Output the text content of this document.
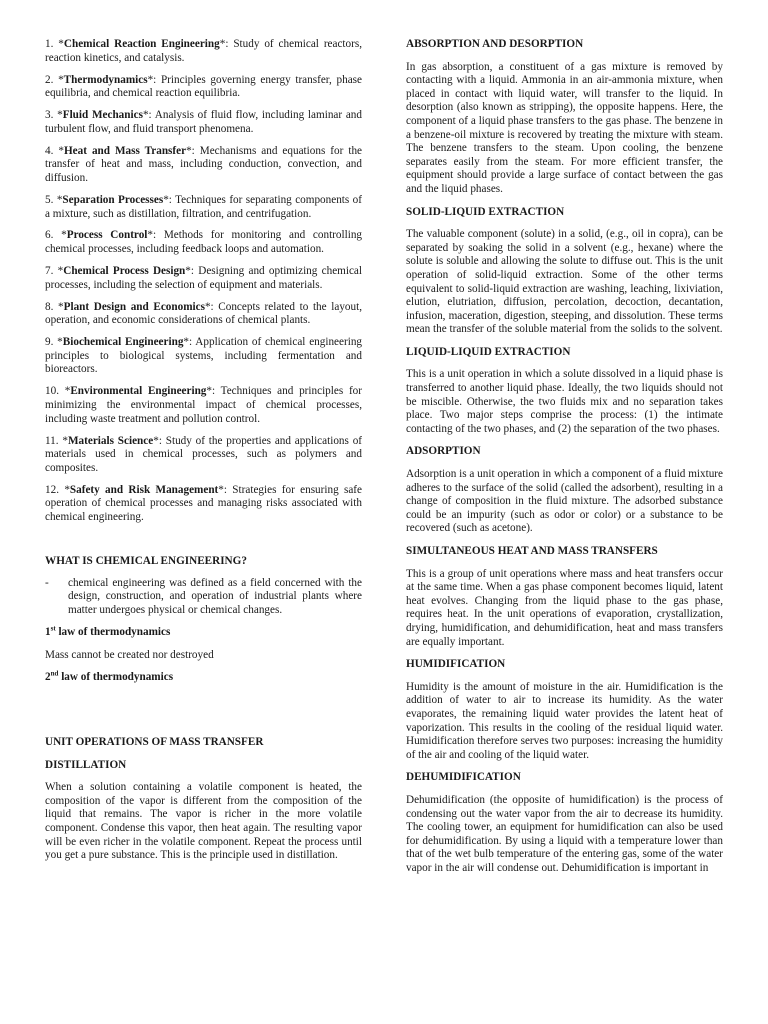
1. *Chemical Reaction Engineering*: Study of chemical reactors, reaction kinetics, and catalysis.

2. *Thermodynamics*: Principles governing energy transfer, phase equilibria, and chemical reaction equilibria.

3. *Fluid Mechanics*: Analysis of fluid flow, including laminar and turbulent flow, and fluid transport phenomena.

4. *Heat and Mass Transfer*: Mechanisms and equations for the transfer of heat and mass, including conduction, convection, and diffusion.

5. *Separation Processes*: Techniques for separating components of a mixture, such as distillation, filtration, and centrifugation.

6. *Process Control*: Methods for monitoring and controlling chemical processes, including feedback loops and automation.

7. *Chemical Process Design*: Designing and optimizing chemical processes, including the selection of equipment and materials.

8. *Plant Design and Economics*: Concepts related to the layout, operation, and economic considerations of chemical plants.

9. *Biochemical Engineering*: Application of chemical engineering principles to biological systems, including fermentation and bioreactors.

10. *Environmental Engineering*: Techniques and principles for minimizing the environmental impact of chemical processes, including waste treatment and pollution control.

11. *Materials Science*: Study of the properties and applications of materials used in chemical processes, such as polymers and composites.

12. *Safety and Risk Management*: Strategies for ensuring safe operation of chemical processes and managing risks associated with chemical engineering.

WHAT IS CHEMICAL ENGINEERING?

-	chemical engineering was defined as a field concerned with the design, construction, and operation of industrial plants where matter undergoes physical or chemical changes.

1st law of thermodynamics

Mass cannot be created nor destroyed

2nd law of thermodynamics

UNIT OPERATIONS OF MASS TRANSFER

DISTILLATION

When a solution containing a volatile component is heated, the composition of the vapor is different from the composition of the liquid that remains. The vapor is richer in the more volatile component. Condense this vapor, then heat again. The resulting vapor will be even richer in the volatile component. Repeat the process until you get a pure substance. This is the principle used in distillation.

ABSORPTION AND DESORPTION

In gas absorption, a constituent of a gas mixture is removed by contacting with a liquid. Ammonia in an air-ammonia mixture, when placed in contact with liquid water, will transfer to the liquid. In desorption (also known as stripping), the opposite happens. Here, the component of a liquid phase transfers to the gas phase. The benzene in a benzene-oil mixture is recovered by treating the mixture with steam. The benzene transfers to the steam. Upon cooling, the benzene separates easily from the steam. For more efficient transfer, the equipment should provide a large surface of contact between the gas and the liquid phases.

SOLID-LIQUID EXTRACTION

The valuable component (solute) in a solid, (e.g., oil in copra), can be separated by soaking the solid in a solvent (e.g., hexane) where the solute is soluble and allowing the solute to diffuse out. This is the unit operation of solid-liquid extraction. Some of the other terms equivalent to solid-liquid extraction are washing, leaching, lixiviation, elution, elutriation, diffusion, percolation, decoction, decantation, infusion, maceration, digestion, steeping, and dissolution. These terms mean the transfer of the soluble material from the solids to the solvent.

LIQUID-LIQUID EXTRACTION

This is a unit operation in which a solute dissolved in a liquid phase is transferred to another liquid phase. Ideally, the two liquids should not be miscible. Otherwise, the two fluids mix and no separation takes place. Two major steps comprise the process: (1) the intimate contacting of the two phases, and (2) the separation of the two phases.

ADSORPTION

Adsorption is a unit operation in which a component of a fluid mixture adheres to the surface of the solid (called the adsorbent), resulting in a change of composition in the fluid mixture. The adsorbed substance could be an impurity (such as odor or color) or a substance to be recovered (such as acetone).

SIMULTANEOUS HEAT AND MASS TRANSFERS

This is a group of unit operations where mass and heat transfers occur at the same time. When a gas phase component becomes liquid, latent heat evolves. Changing from the liquid phase to the gas phase, requires heat. In the unit operations of evaporation, crystallization, drying, humidification, and dehumidification, heat and mass transfers are equally important.

HUMIDIFICATION

Humidity is the amount of moisture in the air. Humidification is the addition of water to air to increase its humidity. As the water evaporates, the remaining liquid water provides the latent heat of vaporization. This results in the cooling of the residual liquid water. Humidification therefore serves two purposes: increasing the humidity of the air and cooling of the liquid water.

DEHUMIDIFICATION

Dehumidification (the opposite of humidification) is the process of condensing out the water vapor from the air to decrease its humidity. The cooling tower, an equipment for humidification can also be used for dehumidification. By using a liquid with a temperature lower than that of the wet bulb temperature of the entering gas, some of the water vapor in the air will condense out. Dehumidification is important in
